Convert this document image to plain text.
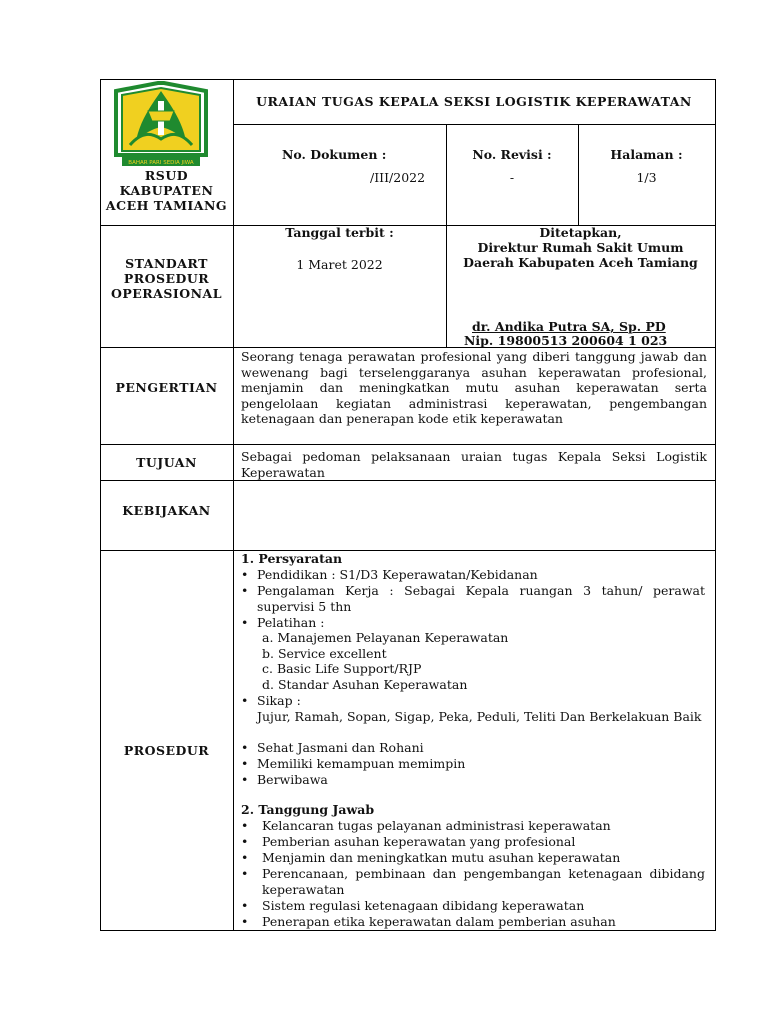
BAHAR PARI SEDIA JIWA
RSUD
KABUPATEN
ACEH TAMIANG
URAIAN TUGAS KEPALA SEKSI LOGISTIK KEPERAWATAN
No. Dokumen :
/III/2022
No. Revisi :
-
Halaman :
1/3
STANDART
PROSEDUR
OPERASIONAL
Tanggal terbit :
1 Maret 2022
Ditetapkan,
Direktur Rumah Sakit Umum
Daerah Kabupaten Aceh Tamiang
dr. Andika Putra SA, Sp. PD
Nip. 19800513 200604 1 023
PENGERTIAN
Seorang tenaga perawatan profesional yang diberi tanggung jawab dan wewenang bagi terselenggaranya asuhan keperawatan profesional, menjamin dan meningkatkan mutu asuhan keperawatan serta pengelolaan kegiatan administrasi keperawatan, pengembangan ketenagaan dan penerapan kode etik keperawatan
TUJUAN	Sebagai pedoman pelaksanaan uraian tugas Kepala Seksi Logistik Keperawatan
KEBIJAKAN
PROSEDUR
1. Persyaratan
• Pendidikan : S1/D3 Keperawatan/Kebidanan
• Pengalaman Kerja : Sebagai Kepala ruangan 3 tahun/ perawat supervisi 5 thn
• Pelatihan :
a. Manajemen Pelayanan Keperawatan
b. Service excellent
c. Basic Life Support/RJP
d. Standar Asuhan Keperawatan
• Sikap :
Jujur, Ramah, Sopan, Sigap, Peka, Peduli, Teliti Dan Berkelakuan Baik
• Sehat Jasmani dan Rohani
• Memiliki kemampuan memimpin
• Berwibawa
2. Tanggung Jawab
• Kelancaran tugas pelayanan administrasi keperawatan
• Pemberian asuhan keperawatan yang profesional
• Menjamin dan meningkatkan mutu asuhan keperawatan
• Perencanaan, pembinaan dan pengembangan ketenagaan dibidang keperawatan
• Sistem regulasi ketenagaan dibidang keperawatan
• Penerapan etika keperawatan dalam pemberian asuhan
